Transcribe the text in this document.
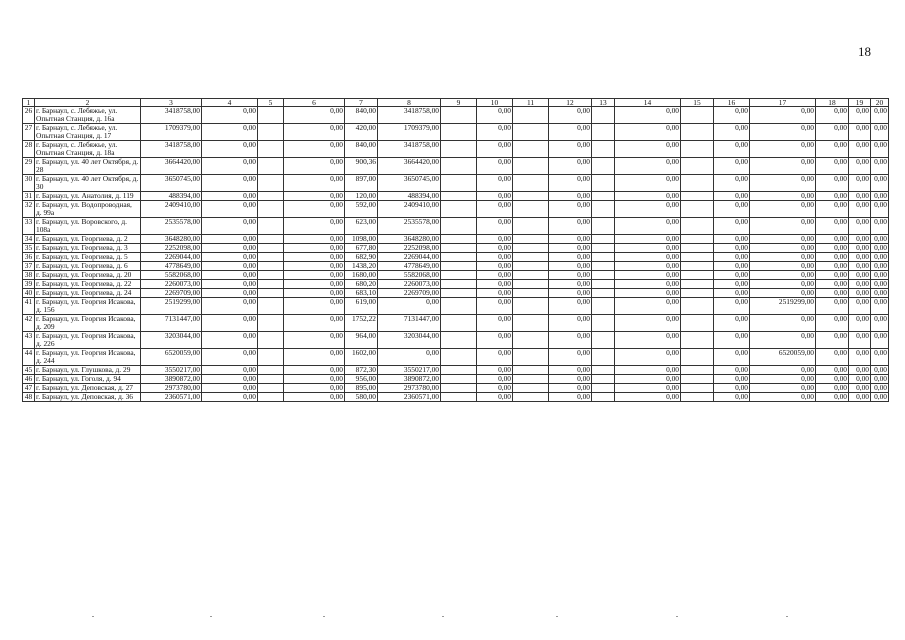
18
1	2	3	4	5	6	7	8	9	10	11	12	13	14	15	16	17	18	19	20
26	г. Барнаул, с. Лебяжье, ул. Опытная Станция, д. 16а	3418758,00	0,00		0,00	840,00	3418758,00		0,00		0,00		0,00		0,00	0,00	0,00	0,00	0,00
27	г. Барнаул, с. Лебяжье, ул. Опытная Станция, д. 17	1709379,00	0,00		0,00	420,00	1709379,00		0,00		0,00		0,00		0,00	0,00	0,00	0,00	0,00
28	г. Барнаул, с. Лебяжье, ул. Опытная Станция, д. 18а	3418758,00	0,00		0,00	840,00	3418758,00		0,00		0,00		0,00		0,00	0,00	0,00	0,00	0,00
29	г. Барнаул, ул. 40 лет Октября, д. 28	3664420,00	0,00		0,00	900,36	3664420,00		0,00		0,00		0,00		0,00	0,00	0,00	0,00	0,00
30	г. Барнаул, ул. 40 лет Октября, д. 30	3650745,00	0,00		0,00	897,00	3650745,00		0,00		0,00		0,00		0,00	0,00	0,00	0,00	0,00
31	г. Барнаул, ул. Анатолия, д. 119	488394,00	0,00		0,00	120,00	488394,00		0,00		0,00		0,00		0,00	0,00	0,00	0,00	0,00
32	г. Барнаул, ул. Водопроводная, д. 99а	2409410,00	0,00		0,00	592,00	2409410,00		0,00		0,00		0,00		0,00	0,00	0,00	0,00	0,00
33	г. Барнаул, ул. Воровского, д. 108а	2535578,00	0,00		0,00	623,00	2535578,00		0,00		0,00		0,00		0,00	0,00	0,00	0,00	0,00
34	г. Барнаул, ул. Георгиева, д. 2	3648280,00	0,00		0,00	1098,00	3648280,00		0,00		0,00		0,00		0,00	0,00	0,00	0,00	0,00
35	г. Барнаул, ул. Георгиева, д. 3	2252098,00	0,00		0,00	677,80	2252098,00		0,00		0,00		0,00		0,00	0,00	0,00	0,00	0,00
36	г. Барнаул, ул. Георгиева, д. 5	2269044,00	0,00		0,00	682,90	2269044,00		0,00		0,00		0,00		0,00	0,00	0,00	0,00	0,00
37	г. Барнаул, ул. Георгиева, д. 6	4778649,00	0,00		0,00	1438,20	4778649,00		0,00		0,00		0,00		0,00	0,00	0,00	0,00	0,00
38	г. Барнаул, ул. Георгиева, д. 20	5582068,00	0,00		0,00	1680,00	5582068,00		0,00		0,00		0,00		0,00	0,00	0,00	0,00	0,00
39	г. Барнаул, ул. Георгиева, д. 22	2260073,00	0,00		0,00	680,20	2260073,00		0,00		0,00		0,00		0,00	0,00	0,00	0,00	0,00
40	г. Барнаул, ул. Георгиева, д. 24	2269709,00	0,00		0,00	683,10	2269709,00		0,00		0,00		0,00		0,00	0,00	0,00	0,00	0,00
41	г. Барнаул, ул. Георгия Исакова, д. 156	2519299,00	0,00		0,00	619,00	0,00		0,00		0,00		0,00		0,00	2519299,00	0,00	0,00	0,00
42	г. Барнаул, ул. Георгия Исакова, д. 209	7131447,00	0,00		0,00	1752,22	7131447,00		0,00		0,00		0,00		0,00	0,00	0,00	0,00	0,00
43	г. Барнаул, ул. Георгия Исакова, д. 226	3203044,00	0,00		0,00	964,00	3203044,00		0,00		0,00		0,00		0,00	0,00	0,00	0,00	0,00
44	г. Барнаул, ул. Георгия Исакова, д. 244	6520059,00	0,00		0,00	1602,00	0,00		0,00		0,00		0,00		0,00	6520059,00	0,00	0,00	0,00
45	г. Барнаул, ул. Глушкова, д. 29	3550217,00	0,00		0,00	872,30	3550217,00		0,00		0,00		0,00		0,00	0,00	0,00	0,00	0,00
46	г. Барнаул, ул. Гоголя, д. 94	3890872,00	0,00		0,00	956,00	3890872,00		0,00		0,00		0,00		0,00	0,00	0,00	0,00	0,00
47	г. Барнаул, ул. Деповская, д. 27	2973780,00	0,00		0,00	895,00	2973780,00		0,00		0,00		0,00		0,00	0,00	0,00	0,00	0,00
48	г. Барнаул, ул. Деповская, д. 36	2360571,00	0,00		0,00	580,00	2360571,00		0,00		0,00		0,00		0,00	0,00	0,00	0,00	0,00
